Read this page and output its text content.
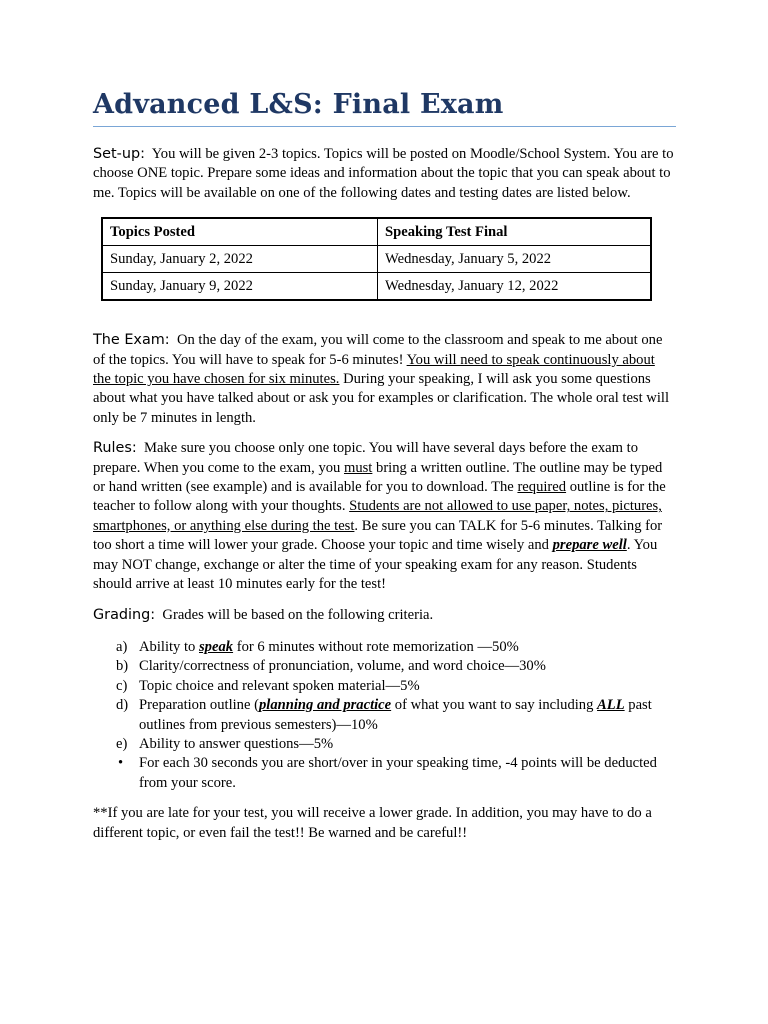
Advanced L&S: Final Exam

Set-up: You will be given 2-3 topics. Topics will be posted on Moodle/School System. You are to choose ONE topic. Prepare some ideas and information about the topic that you can speak about to me. Topics will be available on one of the following dates and testing dates are listed below.

Topics Posted	Speaking Test Final
Sunday, January 2, 2022	Wednesday, January 5, 2022
Sunday, January 9, 2022	Wednesday, January 12, 2022

The Exam: On the day of the exam, you will come to the classroom and speak to me about one of the topics. You will have to speak for 5-6 minutes! You will need to speak continuously about the topic you have chosen for six minutes. During your speaking, I will ask you some questions about what you have talked about or ask you for examples or clarification. The whole oral test will only be 7 minutes in length.

Rules: Make sure you choose only one topic. You will have several days before the exam to prepare. When you come to the exam, you must bring a written outline. The outline may be typed or hand written (see example) and is available for you to download. The required outline is for the teacher to follow along with your thoughts. Students are not allowed to use paper, notes, pictures, smartphones, or anything else during the test. Be sure you can TALK for 5-6 minutes. Talking for too short a time will lower your grade. Choose your topic and time wisely and prepare well. You may NOT change, exchange or alter the time of your speaking exam for any reason. Students should arrive at least 10 minutes early for the test!

Grading: Grades will be based on the following criteria.

a) Ability to speak for 6 minutes without rote memorization —50%
b) Clarity/correctness of pronunciation, volume, and word choice—30%
c) Topic choice and relevant spoken material—5%
d) Preparation outline (planning and practice of what you want to say including ALL past outlines from previous semesters)—10%
e) Ability to answer questions—5%
• For each 30 seconds you are short/over in your speaking time, -4 points will be deducted from your score.

**If you are late for your test, you will receive a lower grade. In addition, you may have to do a different topic, or even fail the test!! Be warned and be careful!!
